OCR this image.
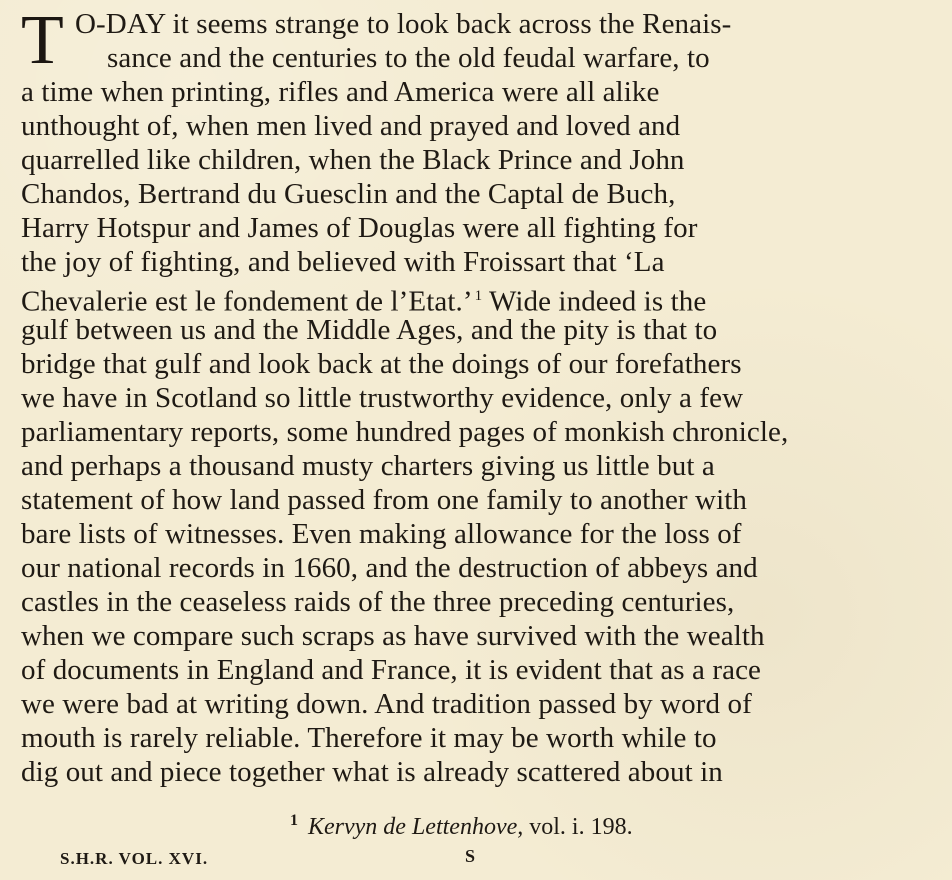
T O-DAY it seems strange to look back across the Renais-
sance and the centuries to the old feudal warfare, to
a time when printing, rifles and America were all alike
unthought of, when men lived and prayed and loved and
quarrelled like children, when the Black Prince and John
Chandos, Bertrand du Guesclin and the Captal de Buch,
Harry Hotspur and James of Douglas were all fighting for
the joy of fighting, and believed with Froissart that ‘La
Chevalerie est le fondement de l’Etat.’ $^1$ Wide indeed is the
gulf between us and the Middle Ages, and the pity is that to
bridge that gulf and look back at the doings of our forefathers
we have in Scotland so little trustworthy evidence, only a few
parliamentary reports, some hundred pages of monkish chronicle,
and perhaps a thousand musty charters giving us little but a
statement of how land passed from one family to another with
bare lists of witnesses. Even making allowance for the loss of
our national records in 1660, and the destruction of abbeys and
castles in the ceaseless raids of the three preceding centuries,
when we compare such scraps as have survived with the wealth
of documents in England and France, it is evident that as a race
we were bad at writing down. And tradition passed by word of
mouth is rarely reliable. Therefore it may be worth while to
dig out and piece together what is already scattered about in
$^1$ Kervyn de Lettenhove, vol. i. 198.
S.H.R. VOL. XVI.	S
